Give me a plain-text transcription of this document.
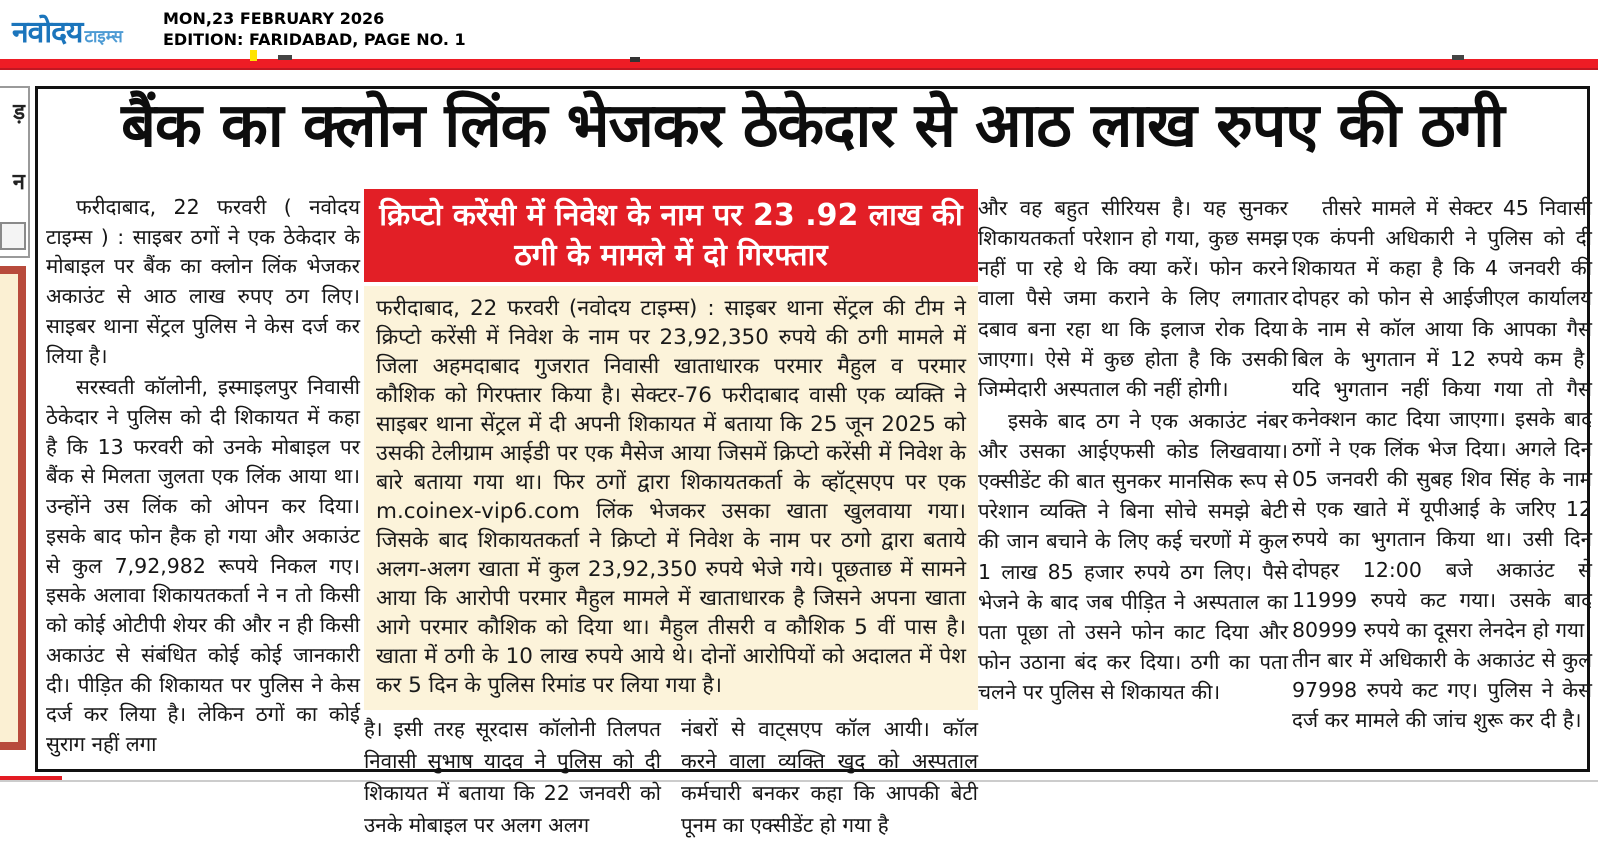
नवोदय टाइम्स
MON,23 FEBRUARY 2026
EDITION: FARIDABAD, PAGE NO. 1
ड़
न
बैंक का क्लोन लिंक भेजकर ठेकेदार से आठ लाख रुपए की ठगी

फरीदाबाद, 22 फरवरी ( नवोदय टाइम्स ) : साइबर ठगों ने एक ठेकेदार के मोबाइल पर बैंक का क्लोन लिंक भेजकर अकाउंट से आठ लाख रुपए ठग लिए। साइबर थाना सेंट्रल पुलिस ने केस दर्ज कर लिया है।

सरस्वती कॉलोनी, इस्माइलपुर निवासी ठेकेदार ने पुलिस को दी शिकायत में कहा है कि 13 फरवरी को उनके मोबाइल पर बैंक से मिलता जुलता एक लिंक आया था। उन्होंने उस लिंक को ओपन कर दिया। इसके बाद फोन हैक हो गया और अकाउंट से कुल 7,92,982 रूपये निकल गए। इसके अलावा शिकायतकर्ता ने न तो किसी को कोई ओटीपी शेयर की और न ही किसी अकाउंट से संबंधित कोई कोई जानकारी दी। पीड़ित की शिकायत पर पुलिस ने केस दर्ज कर लिया है। लेकिन ठगों का कोई सुराग नहीं लगा

क्रिप्टो करेंसी में निवेश के नाम पर 23 .92 लाख की ठगी के मामले में दो गिरफ्तार
फरीदाबाद, 22 फरवरी (नवोदय टाइम्स) : साइबर थाना सेंट्रल की टीम ने क्रिप्टो करेंसी में निवेश के नाम पर 23,92,350 रुपये की ठगी मामले में जिला अहमदाबाद गुजरात निवासी खाताधारक परमार मैहुल व परमार कौशिक को गिरफ्तार किया है। सेक्टर-76 फरीदाबाद वासी एक व्यक्ति ने साइबर थाना सेंट्रल में दी अपनी शिकायत में बताया कि 25 जून 2025 को उसकी टेलीग्राम आईडी पर एक मैसेज आया जिसमें क्रिप्टो करेंसी में निवेश के बारे बताया गया था। फिर ठगों द्वारा शिकायतकर्ता के व्हॉट्सएप पर एक m.coinex-vip6.com लिंक भेजकर उसका खाता खुलवाया गया। जिसके बाद शिकायतकर्ता ने क्रिप्टो में निवेश के नाम पर ठगो द्वारा बताये अलग-अलग खाता में कुल 23,92,350 रुपये भेजे गये। पूछताछ में सामने आया कि आरोपी परमार मैहुल मामले में खाताधारक है जिसने अपना खाता आगे परमार कौशिक को दिया था। मैहुल तीसरी व कौशिक 5 वीं पास है। खाता में ठगी के 10 लाख रुपये आये थे। दोनों आरोपियों को अदालत में पेश कर 5 दिन के पुलिस रिमांड पर लिया गया है।
है। इसी तरह सूरदास कॉलोनी तिलपत निवासी सुभाष यादव ने पुलिस को दी शिकायत में बताया कि 22 जनवरी को उनके मोबाइल पर अलग अलग
नंबरों से वाट्सएप कॉल आयी। कॉल करने वाला व्यक्ति खुद को अस्पताल कर्मचारी बनकर कहा कि आपकी बेटी पूनम का एक्सीडेंट हो गया है

और वह बहुत सीरियस है। यह सुनकर शिकायतकर्ता परेशान हो गया, कुछ समझ नहीं पा रहे थे कि क्या करें। फोन करने वाला पैसे जमा कराने के लिए लगातार दबाव बना रहा था कि इलाज रोक दिया जाएगा। ऐसे में कुछ होता है कि उसकी जिम्मेदारी अस्पताल की नहीं होगी।

इसके बाद ठग ने एक अकाउंट नंबर और उसका आईएफसी कोड लिखवाया। एक्सीडेंट की बात सुनकर मानसिक रूप से परेशान व्यक्ति ने बिना सोचे समझे बेटी की जान बचाने के लिए कई चरणों में कुल 1 लाख 85 हजार रुपये ठग लिए। पैसे भेजने के बाद जब पीड़ित ने अस्पताल का पता पूछा तो उसने फोन काट दिया और फोन उठाना बंद कर दिया। ठगी का पता चलने पर पुलिस से शिकायत की।

तीसरे मामले में सेक्टर 45 निवासी एक कंपनी अधिकारी ने पुलिस को दी शिकायत में कहा है कि 4 जनवरी की दोपहर को फोन से आईजीएल कार्यालय के नाम से कॉल आया कि आपका गैस बिल के भुगतान में 12 रुपये कम है। यदि भुगतान नहीं किया गया तो गैस कनेक्शन काट दिया जाएगा। इसके बाद ठगों ने एक लिंक भेज दिया। अगले दिन 05 जनवरी की सुबह शिव सिंह के नाम से एक खाते में यूपीआई के जरिए 12 रुपये का भुगतान किया था। उसी दिन दोपहर 12:00 बजे अकाउंट से 11999 रुपये कट गया। उसके बाद 80999 रुपये का दूसरा लेनदेन हो गया। तीन बार में अधिकारी के अकाउंट से कुल 97998 रुपये कट गए। पुलिस ने केस दर्ज कर मामले की जांच शुरू कर दी है।
